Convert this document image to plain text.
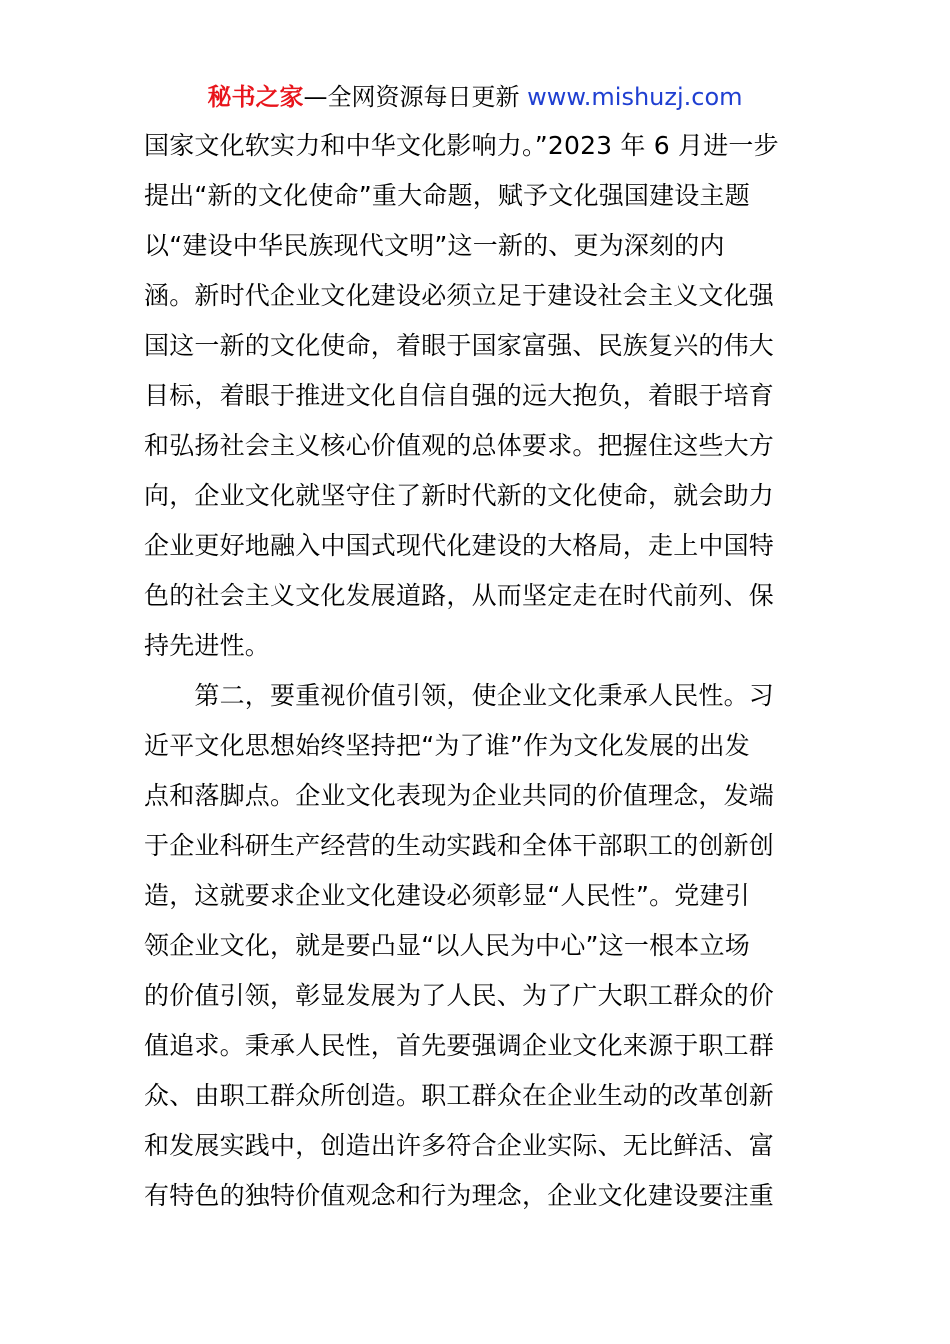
秘书之家—全网资源每日更新 www.mishuzj.com
国家文化软实力和中华文化影响力。”2023 年 6 月进一步
提出“新的文化使命”重大命题，赋予文化强国建设主题
以“建设中华民族现代文明”这一新的、更为深刻的内
涵。新时代企业文化建设必须立足于建设社会主义文化强
国这一新的文化使命，着眼于国家富强、民族复兴的伟大
目标，着眼于推进文化自信自强的远大抱负，着眼于培育
和弘扬社会主义核心价值观的总体要求。把握住这些大方
向，企业文化就坚守住了新时代新的文化使命，就会助力
企业更好地融入中国式现代化建设的大格局，走上中国特
色的社会主义文化发展道路，从而坚定走在时代前列、保
持先进性。
　　第二，要重视价值引领，使企业文化秉承人民性。习
近平文化思想始终坚持把“为了谁”作为文化发展的出发
点和落脚点。企业文化表现为企业共同的价值理念，发端
于企业科研生产经营的生动实践和全体干部职工的创新创
造，这就要求企业文化建设必须彰显“人民性”。党建引
领企业文化，就是要凸显“以人民为中心”这一根本立场
的价值引领，彰显发展为了人民、为了广大职工群众的价
值追求。秉承人民性，首先要强调企业文化来源于职工群
众、由职工群众所创造。职工群众在企业生动的改革创新
和发展实践中，创造出许多符合企业实际、无比鲜活、富
有特色的独特价值观念和行为理念，企业文化建设要注重
